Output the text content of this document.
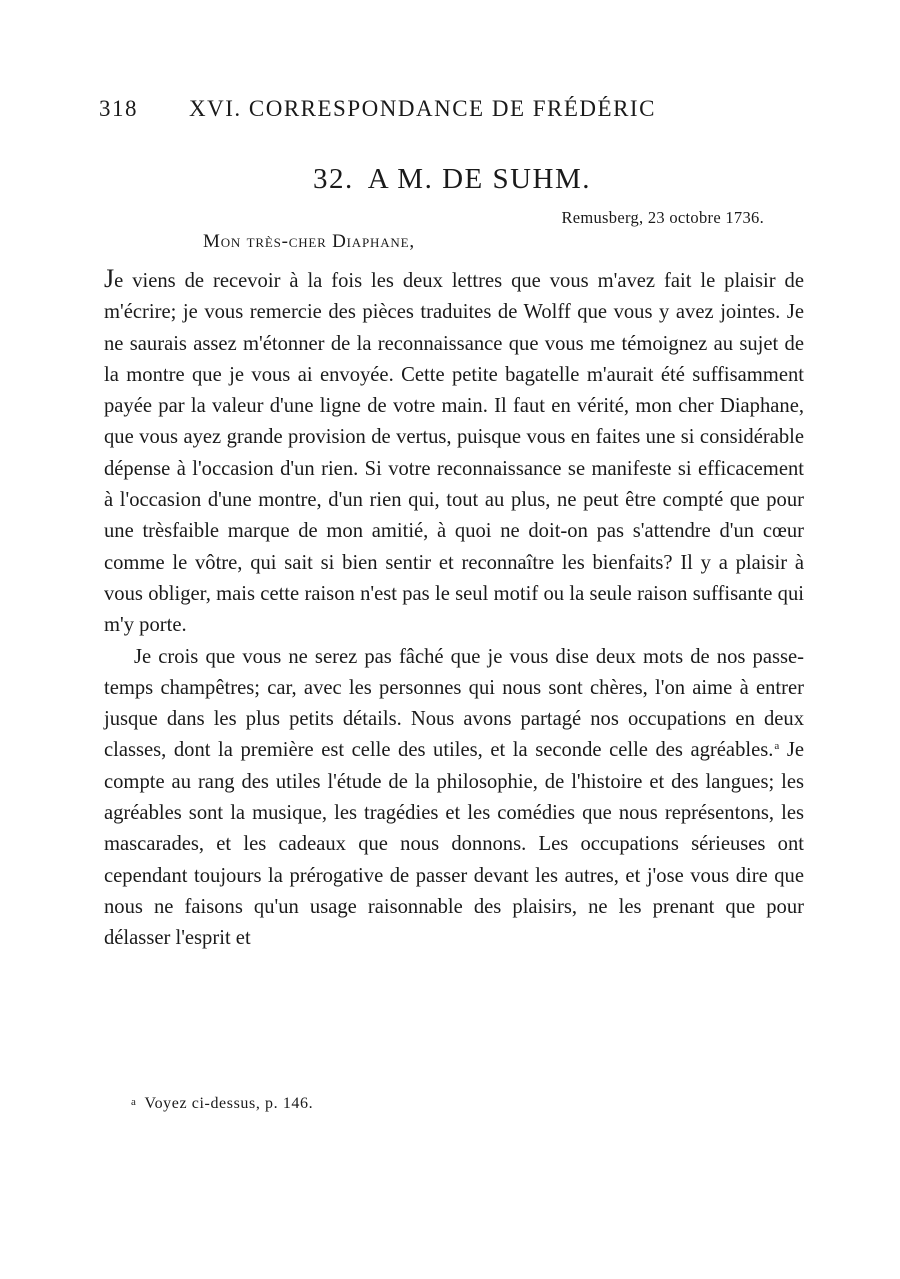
318 XVI. CORRESPONDANCE DE FRÉDÉRIC
32. A M. DE SUHM.
Remusberg, 23 octobre 1736.
Mon très-cher Diaphane,

Je viens de recevoir à la fois les deux lettres que vous m'avez fait le plaisir de m'écrire; je vous remercie des pièces traduites de Wolff que vous y avez jointes. Je ne saurais assez m'étonner de la reconnaissance que vous me témoignez au sujet de la montre que je vous ai envoyée. Cette petite bagatelle m'aurait été suffisamment payée par la valeur d'une ligne de votre main. Il faut en vérité, mon cher Diaphane, que vous ayez grande provision de vertus, puisque vous en faites une si considérable dépense à l'occasion d'un rien. Si votre reconnaissance se manifeste si efficacement à l'occasion d'une montre, d'un rien qui, tout au plus, ne peut être compté que pour une trèsfaible marque de mon amitié, à quoi ne doit-on pas s'attendre d'un cœur comme le vôtre, qui sait si bien sentir et reconnaître les bienfaits? Il y a plaisir à vous obliger, mais cette raison n'est pas le seul motif ou la seule raison suffisante qui m'y porte.

Je crois que vous ne serez pas fâché que je vous dise deux mots de nos passe-temps champêtres; car, avec les personnes qui nous sont chères, l'on aime à entrer jusque dans les plus petits détails. Nous avons partagé nos occupations en deux classes, dont la première est celle des utiles, et la seconde celle des agréables.$^a$ Je compte au rang des utiles l'étude de la philosophie, de l'histoire et des langues; les agréables sont la musique, les tragédies et les comédies que nous représentons, les mascarades, et les cadeaux que nous donnons. Les occupations sérieuses ont cependant toujours la prérogative de passer devant les autres, et j'ose vous dire que nous ne faisons qu'un usage raisonnable des plaisirs, ne les prenant que pour délasser l'esprit et

a Voyez ci-dessus, p. 146.
